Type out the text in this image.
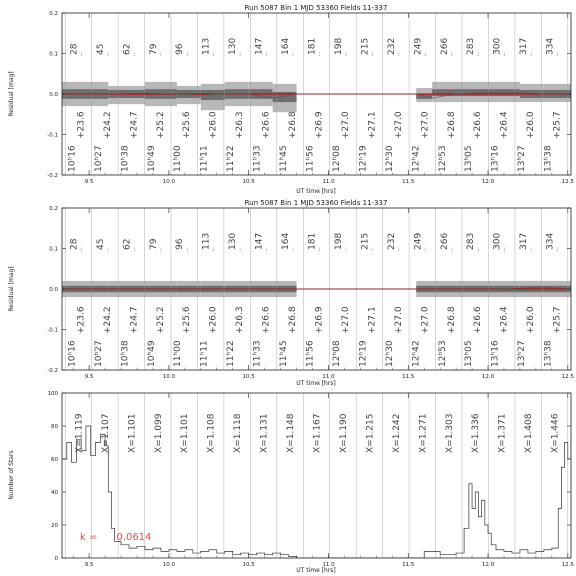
Run 5087 Bin 1 MJD 53360 Fields 11-337
28 :
10ʰ16
+23.6
45 :
10ʰ27
+24.2
62 :
10ʰ38
+24.7
79 :
10ʰ49
+25.2
96 :
11ʰ00
+25.6
113 :
11ʰ11
+26.0
130 :
11ʰ22
+26.3
147 :
11ʰ33
+26.6
164 :
11ʰ45
+26.8
181 :
11ʰ56
+26.9
198 :
12ʰ08
+27.0
215 :
12ʰ19
+27.1
232 :
12ʰ30
+27.0
249 :
12ʰ42
+27.0
266 :
12ʰ53
+26.8
283 :
13ʰ05
+26.6
300 :
13ʰ16
+26.4
317 :
13ʰ27
+26.0
334 :
13ʰ38
+25.7
-0.2
-0.1
0.0
0.1
0.2
9.5	10.0	10.5	11.0	11.5	12.0	12.5
UT time [hrs]
Residual [mag]
Run 5087 Bin 1 MJD 53360 Fields 11-337
28 :
10ʰ16
+23.6
45 :
10ʰ27
+24.2
62 :
10ʰ38
+24.7
79 :
10ʰ49
+25.2
96 :
11ʰ00
+25.6
113 :
11ʰ11
+26.0
130 :
11ʰ22
+26.3
147 :
11ʰ33
+26.6
164 :
11ʰ45
+26.8
181 :
11ʰ56
+26.9
198 :
12ʰ08
+27.0
215 :
12ʰ19
+27.1
232 :
12ʰ30
+27.0
249 :
12ʰ42
+27.0
266 :
12ʰ53
+26.8
283 :
13ʰ05
+26.6
300 :
13ʰ16
+26.4
317 :
13ʰ27
+26.0
334 :
13ʰ38
+25.7
-0.2
-0.1
0.0
0.1
0.2
9.5	10.0	10.5	11.0	11.5	12.0	12.5
UT time [hrs]
Residual [mag]
X=1.119 X=1.107 X=1.101 X=1.099 X=1.101 X=1.108 X=1.118 X=1.131 X=1.148 X=1.167 X=1.190 X=1.215 X=1.242 X=1.271 X=1.303 X=1.336 X=1.371 X=1.408 X=1.446
0
20
40
60
80
100
9.5	10.0	10.5	11.0	11.5	12.0	12.5
k =      0.0614
UT time [hrs]
Number of Stars
